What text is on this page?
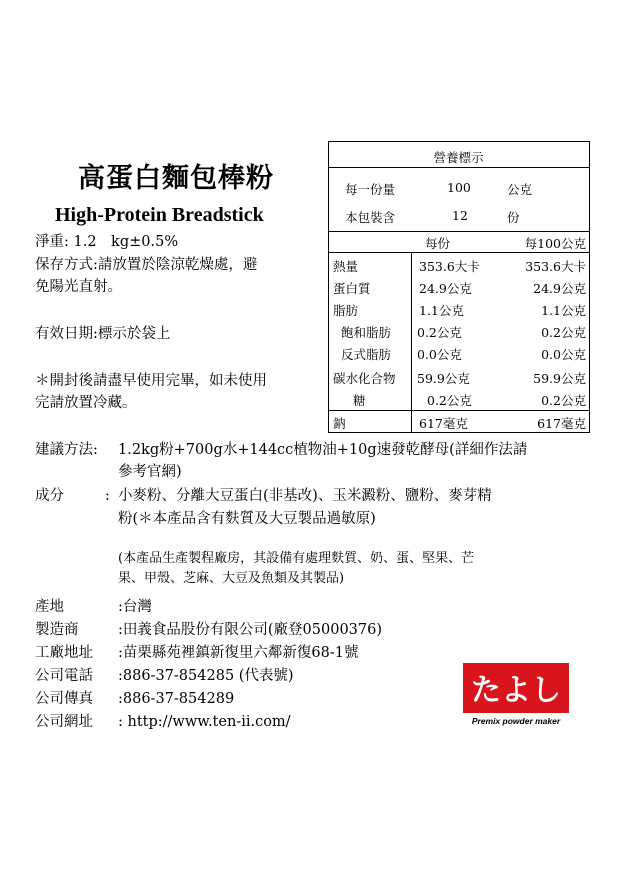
高蛋白麵包棒粉
High-Protein Breadstick
淨重: 1.2　kg±0.5%
保存方式:請放置於陰涼乾燥處，避
免陽光直射。
有效日期:標示於袋上
＊開封後請盡早使用完畢，如未使用
完請放置冷藏。
營養標示
每一份量	100	公克
本包裝含	12	份
每份	每100公克
熱量	353.6大卡	353.6大卡
蛋白質	24.9公克	24.9公克
脂肪	1.1公克	1.1公克
飽和脂肪 0.2公克	0.2公克
反式脂肪 0.0公克	0.0公克
碳水化合物 59.9公克	59.9公克
糖	0.2公克	0.2公克
鈉	617毫克	617毫克
建議方法: 1.2kg粉+700g水+144cc植物油+10g速發乾酵母(詳細作法請
參考官網)
成分	: 小麥粉、分離大豆蛋白(非基改)、玉米澱粉、鹽粉、麥芽精
粉(＊本產品含有麩質及大豆製品過敏原)
(本產品生產製程廠房，其設備有處理麩質、奶、蛋、堅果、芒
果、甲殼、芝麻、大豆及魚類及其製品)
產地	:台灣
製造商	:田義食品股份有限公司(廠登05000376)
工廠地址 :苗栗縣苑裡鎮新復里六鄰新復68-1號
公司電話 :886-37-854285 (代表號)
公司傳真 :886-37-854289
公司網址 : http://www.ten-ii.com/
たよし
Premix powder maker
